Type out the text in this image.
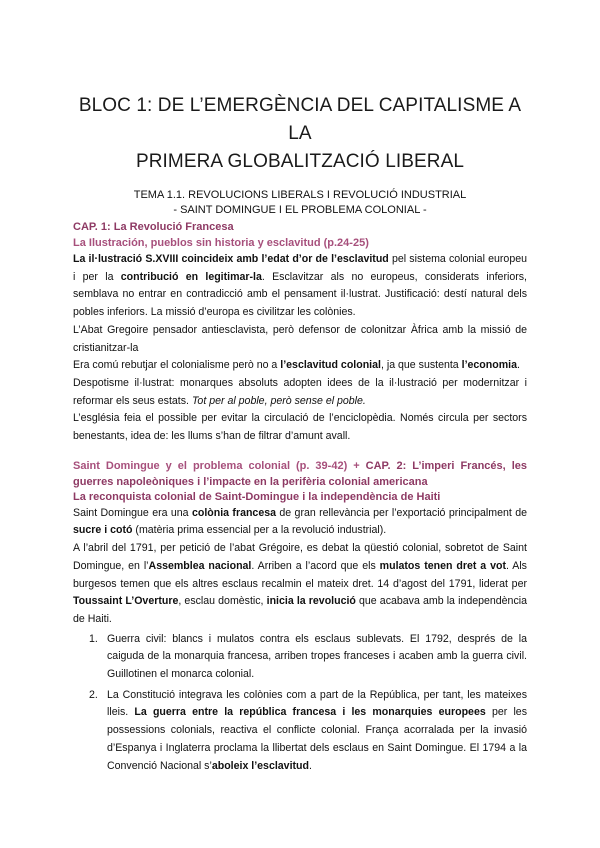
BLOC 1: DE L’EMERGÈNCIA DEL CAPITALISME A LA
PRIMERA GLOBALITZACIÓ LIBERAL
TEMA 1.1. REVOLUCIONS LIBERALS I REVOLUCIÓ INDUSTRIAL
- SAINT DOMINGUE I EL PROBLEMA COLONIAL -
CAP. 1: La Revolució Francesa
La Ilustración, pueblos sin historia y esclavitud (p.24-25)

La il·lustració S.XVIII coincideix amb l’edat d’or de l’esclavitud pel sistema colonial europeu i per la contribució en legitimar-la. Esclavitzar als no europeus, considerats inferiors, semblava no entrar en contradicció amb el pensament il·lustrat. Justificació: destí natural dels pobles inferiors. La missió d’europa es civilitzar les colònies.

L’Abat Gregoire pensador antiesclavista, però defensor de colonitzar Àfrica amb la missió de cristianitzar-la

Era comú rebutjar el colonialisme però no a l’esclavitud colonial, ja que sustenta l’economia.

Despotisme il·lustrat: monarques absoluts adopten idees de la il·lustració per modernitzar i reformar els seus estats. Tot per al poble, però sense el poble.

L’església feia el possible per evitar la circulació de l’enciclopèdia. Només circula per sectors benestants, idea de: les llums s’han de filtrar d’amunt avall.

Saint Domingue y el problema colonial (p. 39-42) + CAP. 2: L’imperi Francés, les guerres napoleòniques i l’impacte en la perifèria colonial americana
La reconquista colonial de Saint-Domingue i la independència de Haiti

Saint Domingue era una colònia francesa de gran rellevància per l’exportació principalment de sucre i cotó (matèria prima essencial per a la revolució industrial).

A l’abril del 1791, per petició de l’abat Grégoire, es debat la qüestió colonial, sobretot de Saint Domingue, en l’Assemblea nacional. Arriben a l’acord que els mulatos tenen dret a vot. Als burgesos temen que els altres esclaus recalmin el mateix dret. 14 d’agost del 1791, liderat per Toussaint L’Overture, esclau domèstic, inicia la revolució que acabava amb la independència de Haiti.

1. Guerra civil: blancs i mulatos contra els esclaus sublevats. El 1792, després de la caiguda de la monarquia francesa, arriben tropes franceses i acaben amb la guerra civil. Guillotinen el monarca colonial.

2. La Constitució integrava les colònies com a part de la República, per tant, les mateixes lleis. La guerra entre la república francesa i les monarquies europees per les possessions colonials, reactiva el conflicte colonial. França acorralada per la invasió d’Espanya i Inglaterra proclama la llibertat dels esclaus en Saint Domingue. El 1794 a la Convenció Nacional s’aboleix l’esclavitud.
